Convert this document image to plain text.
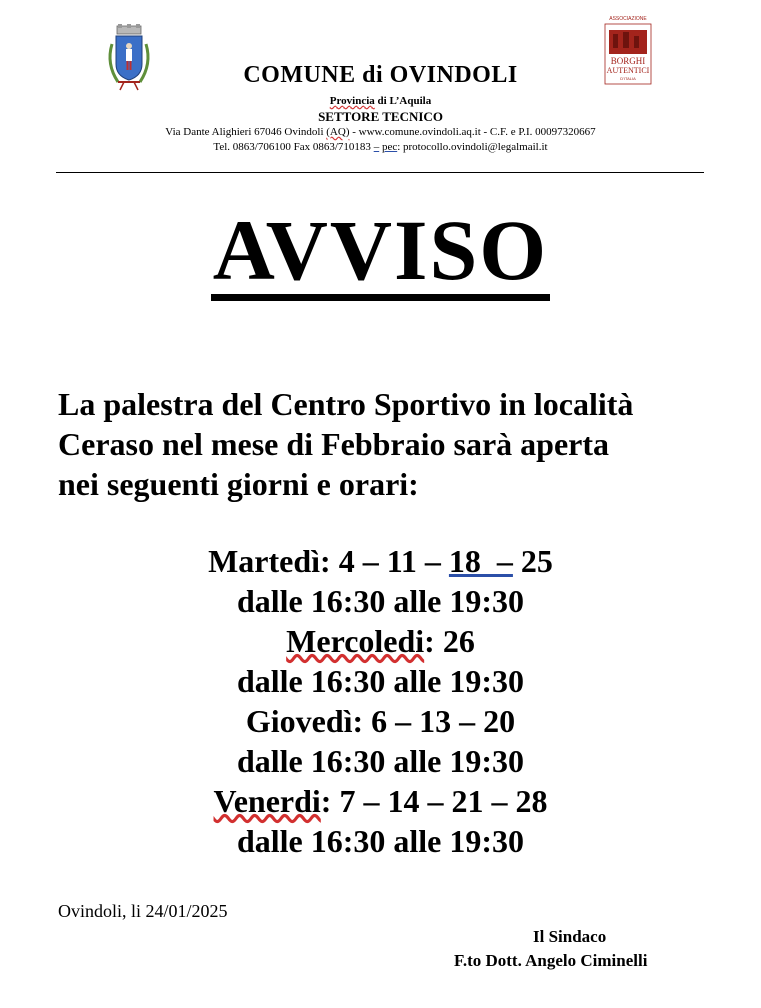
ASSOCIAZIONE
BORGHI
AUTENTICI
D'ITALIA
COMUNE di OVINDOLI
Provincia di L’Aquila
SETTORE TECNICO
Via Dante Alighieri 67046 Ovindoli (AQ) - www.comune.ovindoli.aq.it - C.F. e P.I. 00097320667
Tel. 0863/706100 Fax 0863/710183 – pec: protocollo.ovindoli@legalmail.it
AVVISO
La palestra del Centro Sportivo in località
Ceraso nel mese di Febbraio sarà aperta
nei seguenti giorni e orari:
Martedì: 4 – 11 – 18  – 25
dalle 16:30 alle 19:30
Mercoledi: 26
dalle 16:30 alle 19:30
Giovedì: 6 – 13 – 20
dalle 16:30 alle 19:30
Venerdi: 7 – 14 – 21 – 28
dalle 16:30 alle 19:30
Ovindoli, li 24/01/2025
Il Sindaco
F.to Dott. Angelo Ciminelli
